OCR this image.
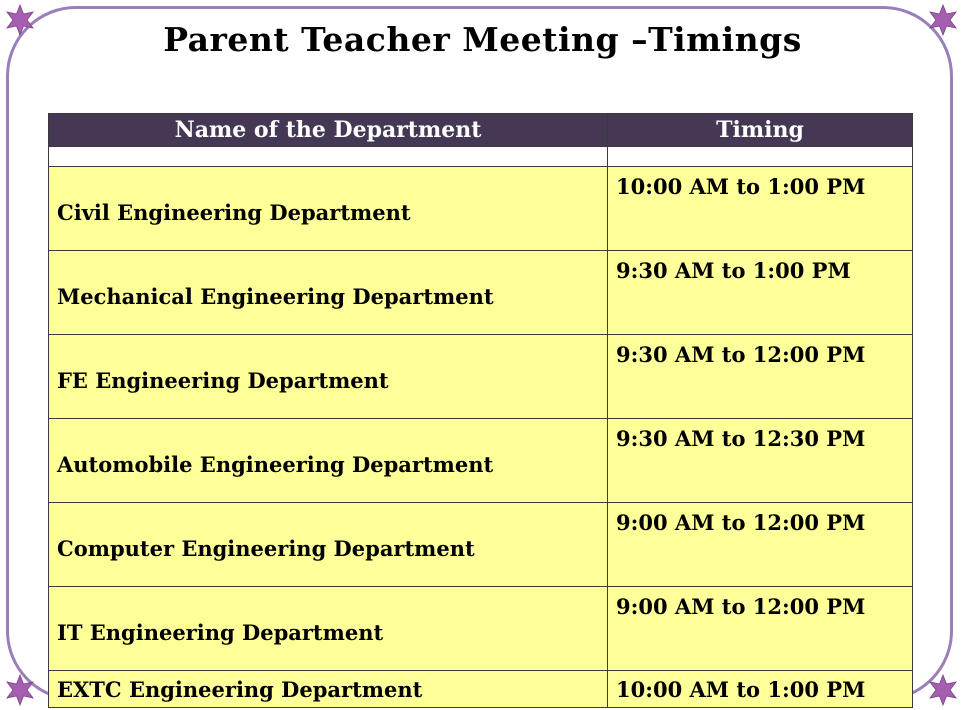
Parent Teacher Meeting –Timings
Name of the Department	Timing

Civil Engineering Department	10:00 AM to 1:00 PM
Mechanical Engineering Department	9:30 AM to 1:00 PM
FE Engineering Department	9:30 AM to 12:00 PM
Automobile Engineering Department	9:30 AM to 12:30 PM
Computer Engineering Department	9:00 AM to 12:00 PM
IT Engineering Department	9:00 AM to 12:00 PM
EXTC Engineering Department	10:00 AM to 1:00 PM
